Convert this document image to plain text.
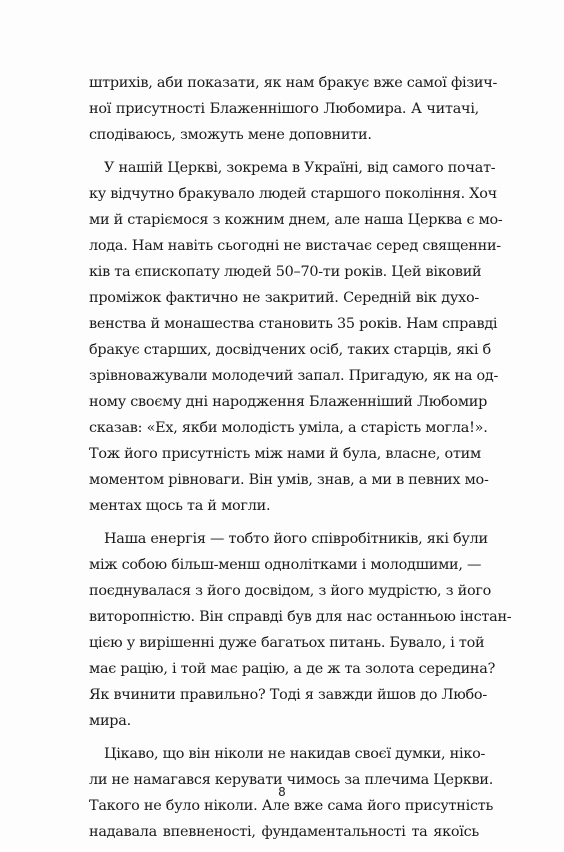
штрихів, аби показати, як нам бракує вже самої фізич-
ної присутності Блаженнішого Любомира. А читачі,
сподіваюсь, зможуть мене доповнити.
У нашій Церкві, зокрема в Україні, від самого почат-
ку відчутно бракувало людей старшого покоління. Хоч
ми й старіємося з кожним днем, але наша Церква є мо-
лода. Нам навіть сьогодні не вистачає серед священни-
ків та єпископату людей 50–70-ти років. Цей віковий
проміжок фактично не закритий. Середній вік духо-
венства й монашества становить 35 років. Нам справді
бракує старших, досвідчених осіб, таких старців, які б
зрівноважували молодечий запал. Пригадую, як на од-
ному своєму дні народження Блаженніший Любомир
сказав: «Ех, якби молодість уміла, а старість могла!».
Тож його присутність між нами й була, власне, отим
моментом рівноваги. Він умів, знав, а ми в певних мо-
ментах щось та й могли.
Наша енергія — тобто його співробітників, які були
між собою більш-менш однолітками і молодшими, —
поєднувалася з його досвідом, з його мудрістю, з його
виторопністю. Він справді був для нас останньою інстан-
цією у вирішенні дуже багатьох питань. Бувало, і той
має рацію, і той має рацію, а де ж та золота середина?
Як вчинити правильно? Тоді я завжди йшов до Любо-
мира.
Цікаво, що він ніколи не накидав своєї думки, ніко-
ли не намагався керувати чимось за плечима Церкви.
Такого не було ніколи. Але вже сама його присутність
надавала впевненості, фундаментальності та якоїсь
8
